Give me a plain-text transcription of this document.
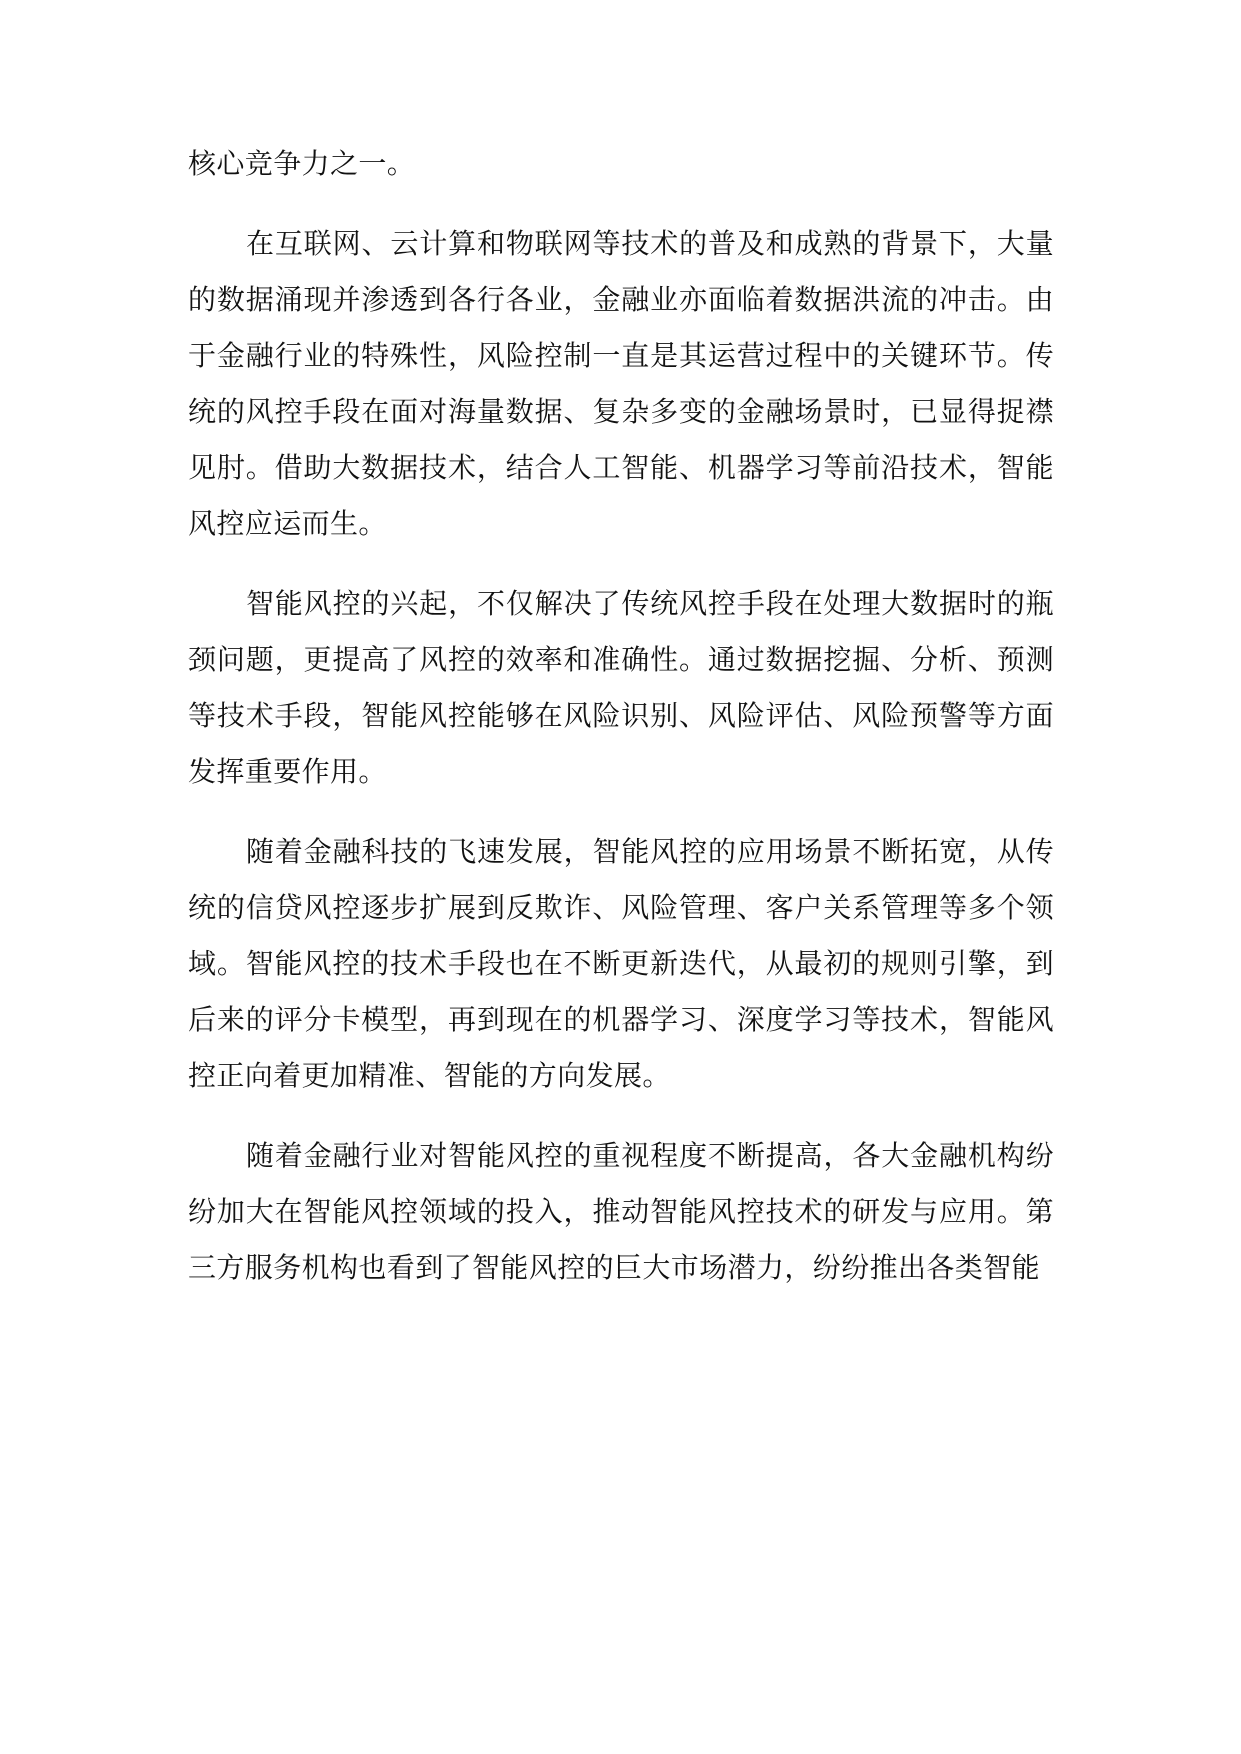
核心竞争力之一。

在互联网、云计算和物联网等技术的普及和成熟的背景下，大量的数据涌现并渗透到各行各业，金融业亦面临着数据洪流的冲击。由于金融行业的特殊性，风险控制一直是其运营过程中的关键环节。传统的风控手段在面对海量数据、复杂多变的金融场景时，已显得捉襟见肘。借助大数据技术，结合人工智能、机器学习等前沿技术，智能风控应运而生。

智能风控的兴起，不仅解决了传统风控手段在处理大数据时的瓶颈问题，更提高了风控的效率和准确性。通过数据挖掘、分析、预测等技术手段，智能风控能够在风险识别、风险评估、风险预警等方面发挥重要作用。

随着金融科技的飞速发展，智能风控的应用场景不断拓宽，从传统的信贷风控逐步扩展到反欺诈、风险管理、客户关系管理等多个领域。智能风控的技术手段也在不断更新迭代，从最初的规则引擎，到后来的评分卡模型，再到现在的机器学习、深度学习等技术，智能风控正向着更加精准、智能的方向发展。

随着金融行业对智能风控的重视程度不断提高，各大金融机构纷纷加大在智能风控领域的投入，推动智能风控技术的研发与应用。第三方服务机构也看到了智能风控的巨大市场潜力，纷纷推出各类智能
